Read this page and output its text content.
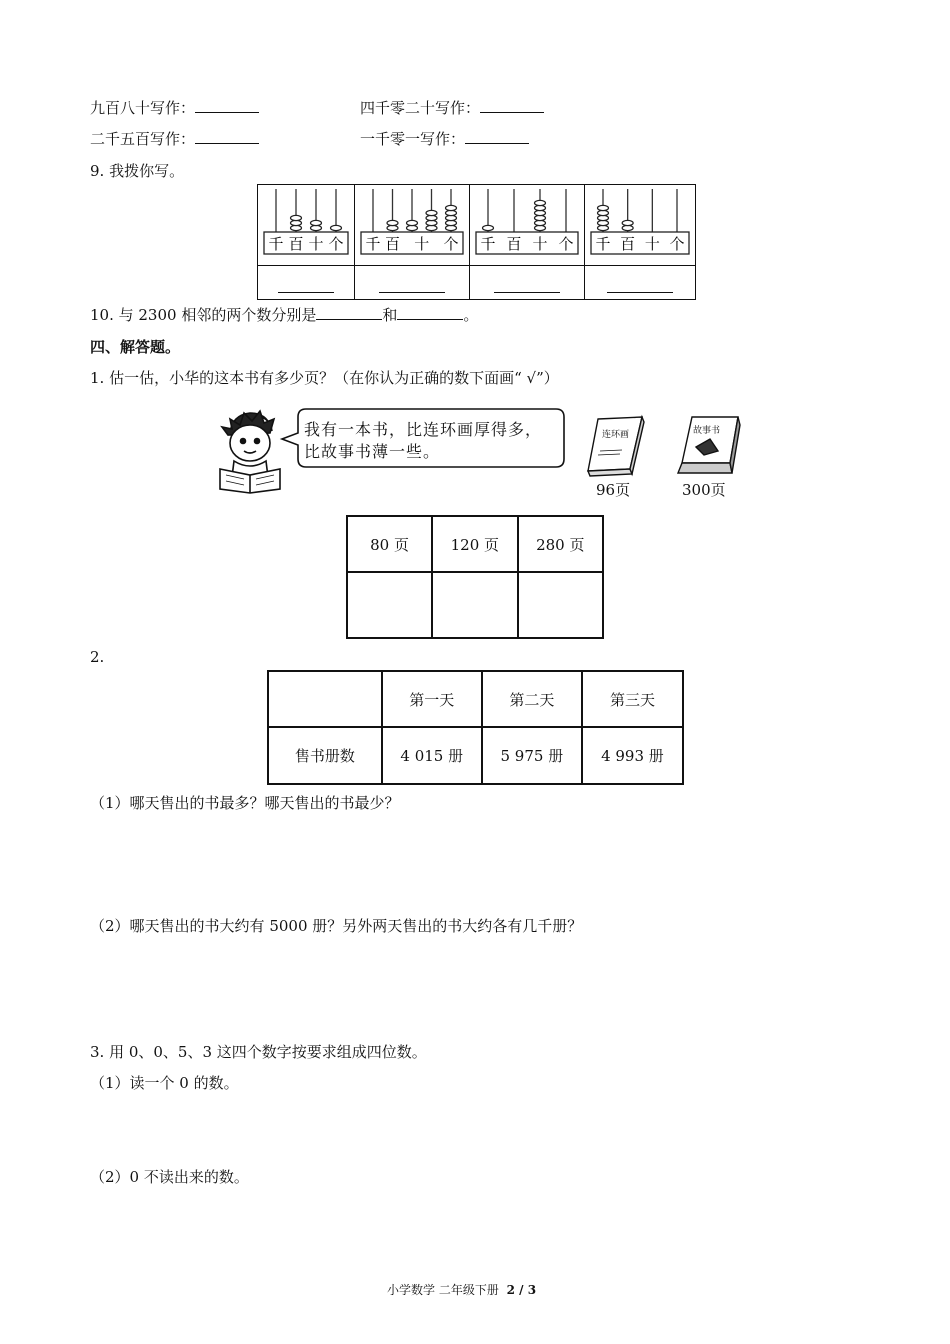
九百八十写作：	四千零二十写作：
二千五百写作：	一千零一写作：
9. 我拨你写。
千 百 十 个	千 百 十 个	千 百 十 个	千 百 十 个

10. 与 2300 相邻的两个数分别是	和	。
四、解答题。
1. 估一估，小华的这本书有多少页？（在你认为正确的数下面画“ √”）
我有一本书，比连环画厚得多，
比故事书薄一些。
连环画
96页
故事书
300页
80 页	120 页	280 页

2.
	第一天	第二天	第三天
售书册数	4 015 册	5 975 册	4 993 册
（1）哪天售出的书最多？哪天售出的书最少？
（2）哪天售出的书大约有 5000 册？另外两天售出的书大约各有几千册？
3. 用 0、0、5、3 这四个数字按要求组成四位数。
（1）读一个 0 的数。
（2）0 不读出来的数。
小学数学 二年级下册 2 / 3
